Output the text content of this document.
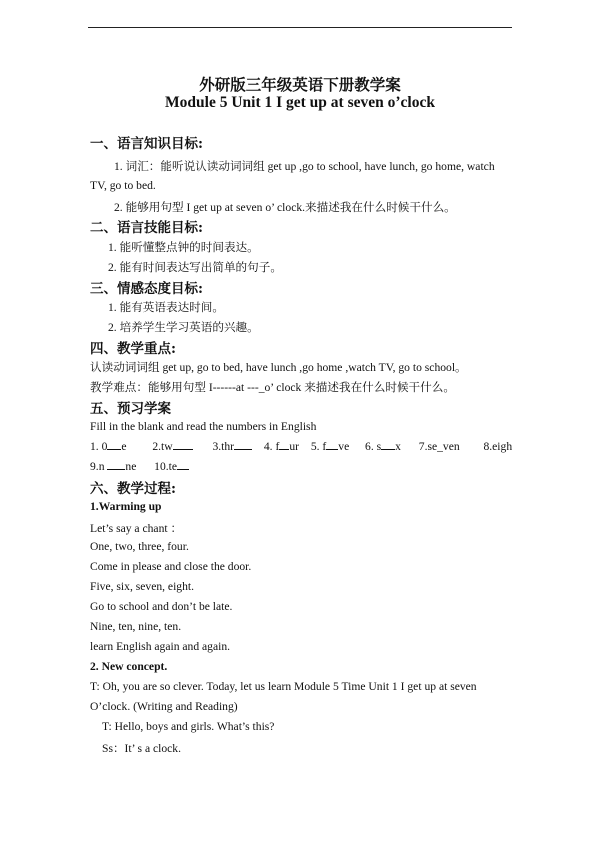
外研版三年级英语下册教学案
Module 5 Unit 1 I get up at seven o’clock
一、语言知识目标:
1. 词汇：能听说认读动词词组 get up ,go to school, have lunch, go home, watch
TV, go to bed.
2. 能够用句型 I get up at seven o’ clock.来描述我在什么时候干什么。
二、语言技能目标:
1. 能听懂整点钟的时间表达。
2. 能有时间表达写出简单的句子。
三、情感态度目标:
1. 能有英语表达时间。
2. 培养学生学习英语的兴趣。
四、教学重点:
认读动词词组 get up, go to bed, have lunch ,go home ,watch TV, go to school。
教学难点：能够用句型 I------at ---_o’ clock 来描述我在什么时候干什么。
五、预习学案
Fill in the blank and read the numbers in English
1. 0 e 2.tw	3.thr	4. f ur 5. f ve 6. s x 7.se_ven 8.eigh
9.n ne 10.te
六、教学过程:
1.Warming up
Let’s say a chant ：
One, two, three, four.
Come in please and close the door.
Five, six, seven, eight.
Go to school and don’t be late.
Nine, ten, nine, ten.
learn English again and again.
2. New concept.
T: Oh, you are so clever. Today, let us learn Module 5 Time Unit 1 I get up at seven
O’clock. (Writing and Reading)
T: Hello, boys and girls. What’s this?
Ss：It’ s a clock.
